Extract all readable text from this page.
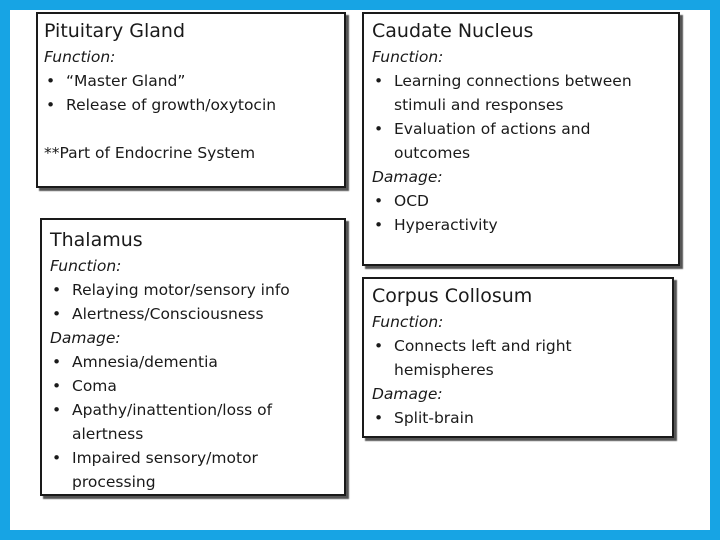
Pituitary Gland
Function:
• “Master Gland”
• Release of growth/oxytocin
**Part of Endocrine System
Caudate Nucleus
Function:
• Learning connections between stimuli and responses
• Evaluation of actions and outcomes
Damage:
• OCD
• Hyperactivity
Thalamus
Function:
• Relaying motor/sensory info
• Alertness/Consciousness
Damage:
• Amnesia/dementia
• Coma
• Apathy/inattention/loss of alertness
• Impaired sensory/motor processing
Corpus Collosum
Function:
• Connects left and right hemispheres
Damage:
• Split-brain
